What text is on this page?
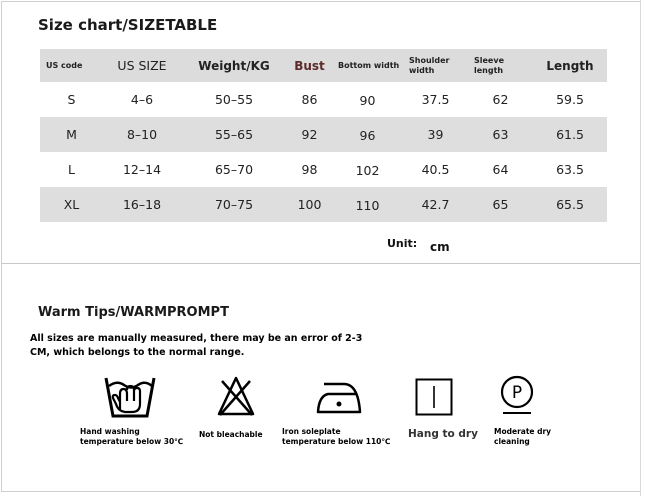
Size chart/SIZETABLE
US code	US SIZE	Weight/KG	Bust	Bottom width	Shoulder width	Sleeve length	Length
S	4–6	50–55	86	90	37.5	62	59.5
M	8–10	55–65	92	96	39	63	61.5
L	12–14	65–70	98	102	40.5	64	63.5
XL	16–18	70–75	100	110	42.7	65	65.5
Unit: cm
Warm Tips/WARMPROMPT
All sizes are manually measured, there may be an error of 2-3 CM, which belongs to the normal range.
Hand washing temperature below 30℃
Not bleachable	Iron soleplate temperature below 110℃
Hang to dry
P
Moderate dry cleaning
